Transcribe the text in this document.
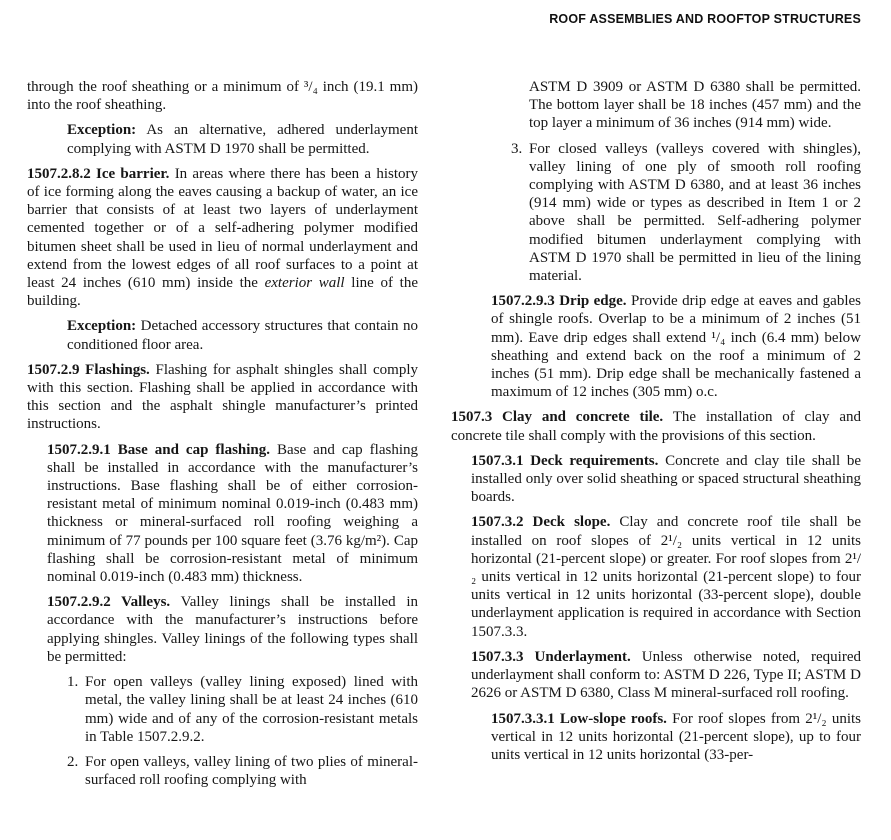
ROOF ASSEMBLIES AND ROOFTOP STRUCTURES

through the roof sheathing or a minimum of ³/₄ inch (19.1 mm) into the roof sheathing.

Exception: As an alternative, adhered underlayment complying with ASTM D 1970 shall be permitted.

1507.2.8.2 Ice barrier. In areas where there has been a history of ice forming along the eaves causing a backup of water, an ice barrier that consists of at least two layers of underlayment cemented together or of a self-adhering polymer modified bitumen sheet shall be used in lieu of normal underlayment and extend from the lowest edges of all roof surfaces to a point at least 24 inches (610 mm) inside the exterior wall line of the building.

Exception: Detached accessory structures that contain no conditioned floor area.

1507.2.9 Flashings. Flashing for asphalt shingles shall comply with this section. Flashing shall be applied in accordance with this section and the asphalt shingle manufacturer’s printed instructions.

1507.2.9.1 Base and cap flashing. Base and cap flashing shall be installed in accordance with the manufacturer’s instructions. Base flashing shall be of either corrosion-resistant metal of minimum nominal 0.019-inch (0.483 mm) thickness or mineral-surfaced roll roofing weighing a minimum of 77 pounds per 100 square feet (3.76 kg/m²). Cap flashing shall be corrosion-resistant metal of minimum nominal 0.019-inch (0.483 mm) thickness.

1507.2.9.2 Valleys. Valley linings shall be installed in accordance with the manufacturer’s instructions before applying shingles. Valley linings of the following types shall be permitted:

1. For open valleys (valley lining exposed) lined with metal, the valley lining shall be at least 24 inches (610 mm) wide and of any of the corrosion-resistant metals in Table 1507.2.9.2.
2. For open valleys, valley lining of two plies of mineral-surfaced roll roofing complying with

ASTM D 3909 or ASTM D 6380 shall be permitted. The bottom layer shall be 18 inches (457 mm) and the top layer a minimum of 36 inches (914 mm) wide.

3. For closed valleys (valleys covered with shingles), valley lining of one ply of smooth roll roofing complying with ASTM D 6380, and at least 36 inches (914 mm) wide or types as described in Item 1 or 2 above shall be permitted. Self-adhering polymer modified bitumen underlayment complying with ASTM D 1970 shall be permitted in lieu of the lining material.

1507.2.9.3 Drip edge. Provide drip edge at eaves and gables of shingle roofs. Overlap to be a minimum of 2 inches (51 mm). Eave drip edges shall extend ¹/₄ inch (6.4 mm) below sheathing and extend back on the roof a minimum of 2 inches (51 mm). Drip edge shall be mechanically fastened a maximum of 12 inches (305 mm) o.c.

1507.3 Clay and concrete tile. The installation of clay and concrete tile shall comply with the provisions of this section.

1507.3.1 Deck requirements. Concrete and clay tile shall be installed only over solid sheathing or spaced structural sheathing boards.

1507.3.2 Deck slope. Clay and concrete roof tile shall be installed on roof slopes of 2¹/₂ units vertical in 12 units horizontal (21-percent slope) or greater. For roof slopes from 2¹/₂ units vertical in 12 units horizontal (21-percent slope) to four units vertical in 12 units horizontal (33-percent slope), double underlayment application is required in accordance with Section 1507.3.3.

1507.3.3 Underlayment. Unless otherwise noted, required underlayment shall conform to: ASTM D 226, Type II; ASTM D 2626 or ASTM D 6380, Class M mineral-surfaced roll roofing.

1507.3.3.1 Low-slope roofs. For roof slopes from 2¹/₂ units vertical in 12 units horizontal (21-percent slope), up to four units vertical in 12 units horizontal (33-per-
